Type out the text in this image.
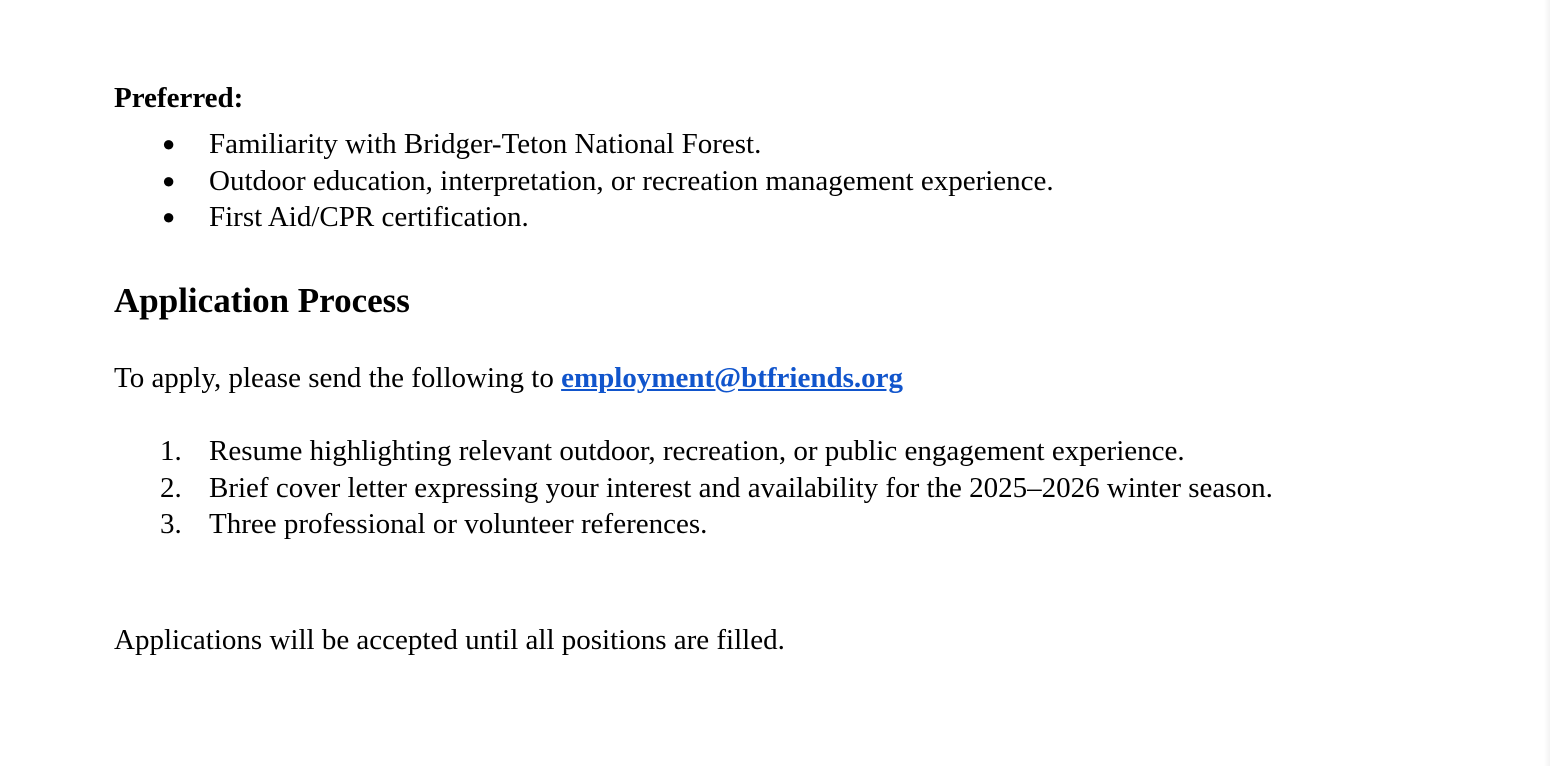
Preferred:
● Familiarity with Bridger-Teton National Forest.
● Outdoor education, interpretation, or recreation management experience.
● First Aid/CPR certification.
Application Process
To apply, please send the following to employment@btfriends.org
1. Resume highlighting relevant outdoor, recreation, or public engagement experience.
2. Brief cover letter expressing your interest and availability for the 2025–2026 winter season.
3. Three professional or volunteer references.
Applications will be accepted until all positions are filled.
